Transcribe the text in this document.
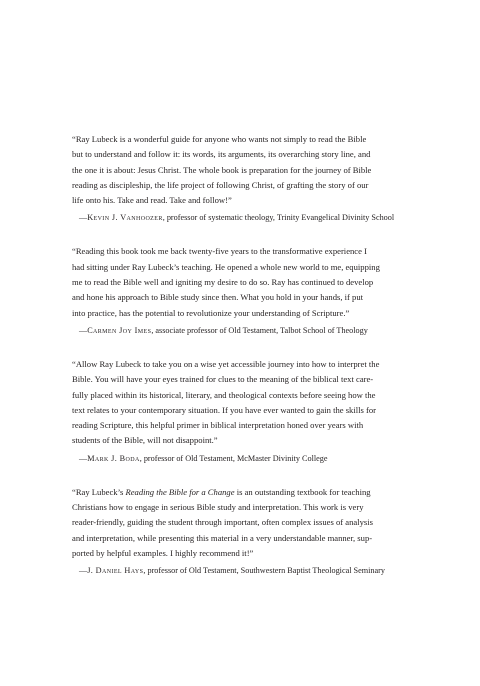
“Ray Lubeck is a wonderful guide for anyone who wants not simply to read the Bible
but to understand and follow it: its words, its arguments, its overarching story line, and
the one it is about: Jesus Christ. The whole book is preparation for the journey of Bible
reading as discipleship, the life project of following Christ, of grafting the story of our
life onto his. Take and read. Take and follow!”

—Kevin J. Vanhoozer, professor of systematic theology, Trinity Evangelical Divinity School

“Reading this book took me back twenty-five years to the transformative experience I
had sitting under Ray Lubeck’s teaching. He opened a whole new world to me, equipping
me to read the Bible well and igniting my desire to do so. Ray has continued to develop
and hone his approach to Bible study since then. What you hold in your hands, if put
into practice, has the potential to revolutionize your understanding of Scripture.”

—Carmen Joy Imes, associate professor of Old Testament, Talbot School of Theology

“Allow Ray Lubeck to take you on a wise yet accessible journey into how to interpret the
Bible. You will have your eyes trained for clues to the meaning of the biblical text care-
fully placed within its historical, literary, and theological contexts before seeing how the
text relates to your contemporary situation. If you have ever wanted to gain the skills for
reading Scripture, this helpful primer in biblical interpretation honed over years with
students of the Bible, will not disappoint.”

—Mark J. Boda, professor of Old Testament, McMaster Divinity College

“Ray Lubeck’s Reading the Bible for a Change is an outstanding textbook for teaching
Christians how to engage in serious Bible study and interpretation. This work is very
reader-friendly, guiding the student through important, often complex issues of analysis
and interpretation, while presenting this material in a very understandable manner, sup-
ported by helpful examples. I highly recommend it!”

—J. Daniel Hays, professor of Old Testament, Southwestern Baptist Theological Seminary
